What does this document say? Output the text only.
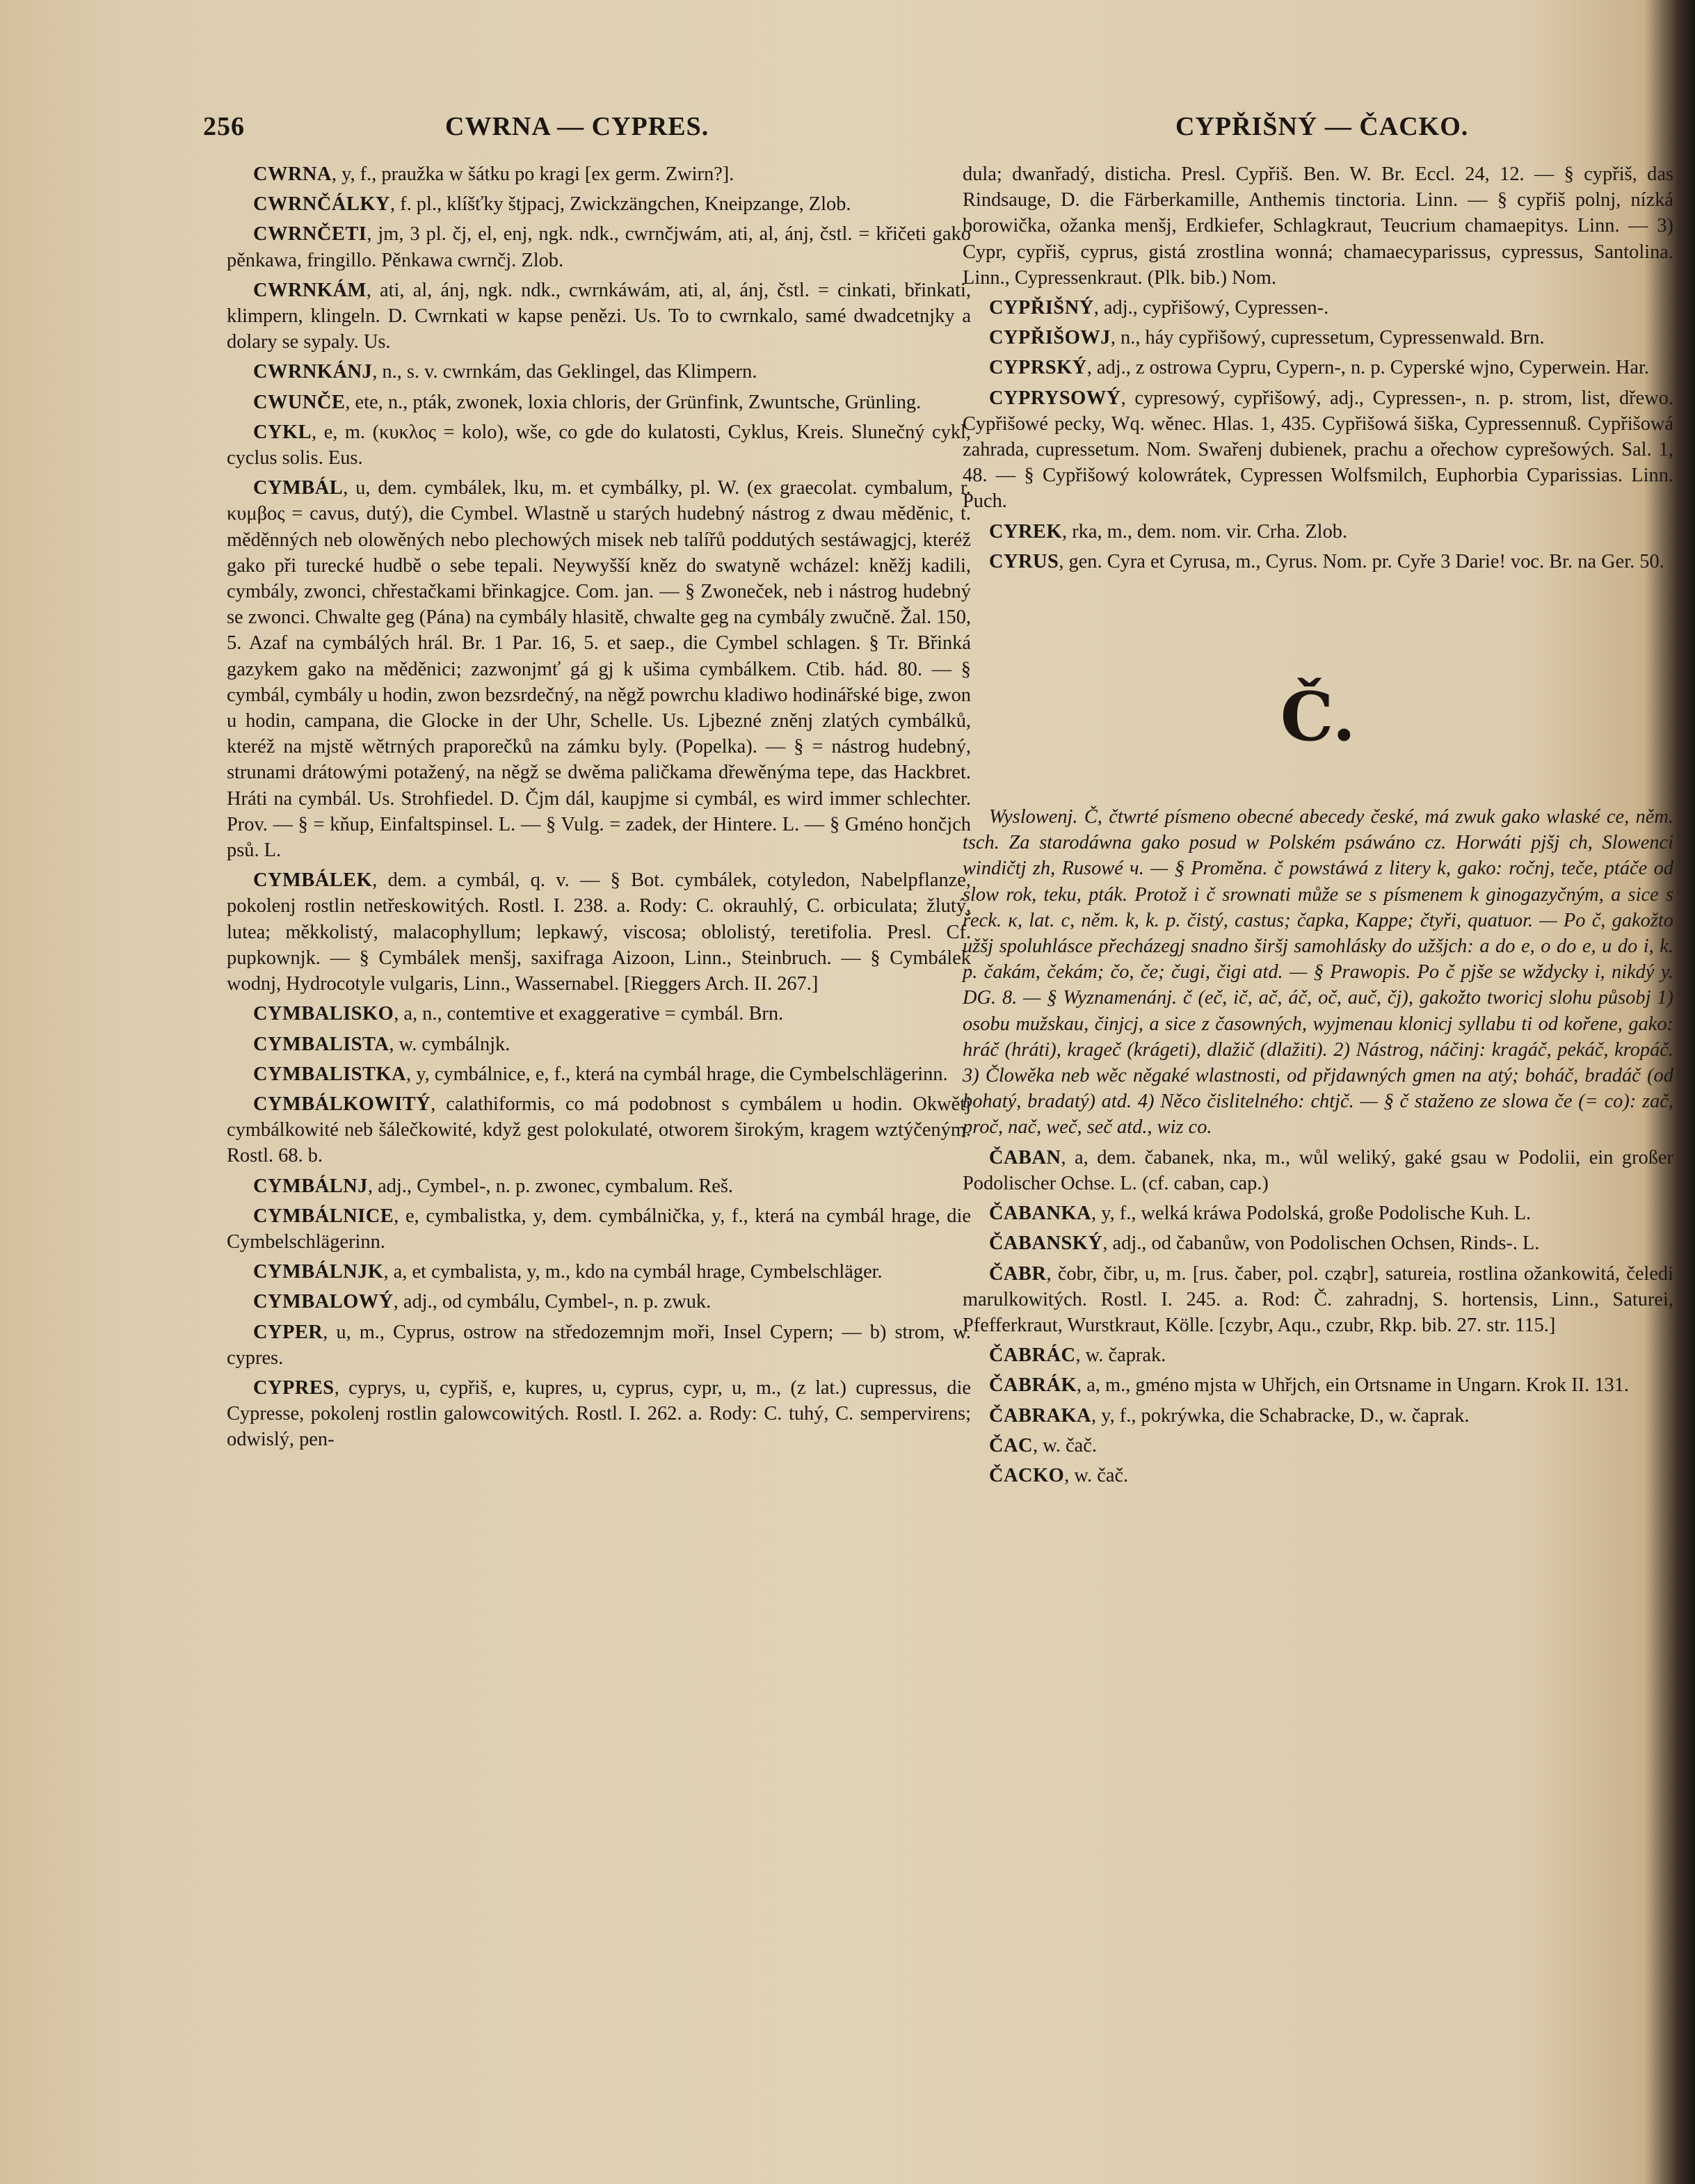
256	CWRNA — CYPRES.	CYPŘIŠNÝ — ČACKO.
CWRNA, y, f., praužka w šátku po kragi [ex germ. Zwirn?].
CWRNČÁLKY, f. pl., klíšťky štjpacj, Zwickzängchen, Kneipzange, Zlob.
CWRNČETI, jm, 3 pl. čj, el, enj, ngk. ndk., cwrnčjwám, ati, al, ánj, čstl. = křičeti gako pěnkawa, fringillo. Pěnkawa cwrnčj. Zlob.
CWRNKÁM, ati, al, ánj, ngk. ndk., cwrnkáwám, ati, al, ánj, čstl. = cinkati, břinkati, klimpern, klingeln. D. Cwrnkati w kapse penězi. Us. To to cwrnkalo, samé dwadcetnjky a dolary se sypaly. Us.
CWRNKÁNJ, n., s. v. cwrnkám, das Geklingel, das Klimpern.
CWUNČE, ete, n., pták, zwonek, loxia chloris, der Grünfink, Zwuntsche, Grünling.
CYKL, e, m. (κυκλος = kolo), wše, co gde do kulatosti, Cyklus, Kreis. Slunečný cykl, cyclus solis. Eus.
CYMBÁL, u, dem. cymbálek, lku, m. et cymbálky, pl. W. (ex graecolat. cymbalum, r. κυμβος = cavus, dutý), die Cymbel. Wlastně u starých hudebný nástrog z dwau měděnic, t. měděnných neb olowěných nebo plechowých misek neb talířů poddutých sestáwagjcj, kteréž gako při turecké hudbě o sebe tepali. Neywyšší kněz do swatyně wcházel: kněžj kadili, cymbály, zwonci, chřestačkami břinkagjce. Com. jan. — § Zwoneček, neb i nástrog hudebný se zwonci. Chwalte geg (Pána) na cymbály hlasitě, chwalte geg na cymbály zwučně. Žal. 150, 5. Azaf na cymbálých hrál. Br. 1 Par. 16, 5. et saep., die Cymbel schlagen. § Tr. Břinká gazykem gako na měděnici; zazwonjmť gá gj k ušima cymbálkem. Ctib. hád. 80. — § cymbál, cymbály u hodin, zwon bezsrdečný, na něgž powrchu kladiwo hodinářské bige, zwon u hodin, campana, die Glocke in der Uhr, Schelle. Us. Ljbezné zněnj zlatých cymbálků, kteréž na mjstě wětrných praporečků na zámku byly. (Popelka). — § = nástrog hudebný, strunami drátowými potažený, na něgž se dwěma paličkama dřewěnýma tepe, das Hackbret. Hráti na cymbál. Us. Strohfiedel. D. Čjm dál, kaupjme si cymbál, es wird immer schlechter. Prov. — § = kňup, Einfaltspinsel. L. — § Vulg. = zadek, der Hintere. L. — § Gméno hončjch psů. L.
CYMBÁLEK, dem. a cymbál, q. v. — § Bot. cymbálek, cotyledon, Nabelpflanze, pokolenj rostlin netřeskowitých. Rostl. I. 238. a. Rody: C. okrauhlý, C. orbiculata; žlutý, lutea; měkkolistý, malacophyllum; lepkawý, viscosa; oblolistý, teretifolia. Presl. Cf. pupkownjk. — § Cymbálek menšj, saxifraga Aizoon, Linn., Steinbruch. — § Cymbálek wodnj, Hydrocotyle vulgaris, Linn., Wassernabel. [Rieggers Arch. II. 267.]
CYMBALISKO, a, n., contemtive et exaggerative = cymbál. Brn.
CYMBALISTA, w. cymbálnjk.
CYMBALISTKA, y, cymbálnice, e, f., která na cymbál hrage, die Cymbelschlägerinn.
CYMBÁLKOWITÝ, calathiformis, co má podobnost s cymbálem u hodin. Okwětj cymbálkowité neb šálečkowité, když gest polokulaté, otworem širokým, kragem wztýčeným. Rostl. 68. b.
CYMBÁLNJ, adj., Cymbel-, n. p. zwonec, cymbalum. Reš.
CYMBÁLNICE, e, cymbalistka, y, dem. cymbálnička, y, f., která na cymbál hrage, die Cymbelschlägerinn.
CYMBÁLNJK, a, et cymbalista, y, m., kdo na cymbál hrage, Cymbelschläger.
CYMBALOWÝ, adj., od cymbálu, Cymbel-, n. p. zwuk.
CYPER, u, m., Cyprus, ostrow na středozemnjm moři, Insel Cypern; — b) strom, w. cypres.
CYPRES, cyprys, u, cypřiš, e, kupres, u, cyprus, cypr, u, m., (z lat.) cupressus, die Cypresse, pokolenj rostlin galowcowitých. Rostl. I. 262. a. Rody: C. tuhý, C. sempervirens; odwislý, pen-
dula; dwanřadý, disticha. Presl. Cypřiš. Ben. W. Br. Eccl. 24, 12. — § cypřiš, das Rindsauge, D. die Färberkamille, Anthemis tinctoria. Linn. — § cypřiš polnj, nízká borowička, ožanka menšj, Erdkiefer, Schlagkraut, Teucrium chamaepitys. Linn. — 3) Cypr, cypřiš, cyprus, gistá zrostlina wonná; chamaecyparissus, cypressus, Santolina. Linn., Cypressenkraut. (Plk. bib.) Nom.
CYPŘIŠNÝ, adj., cypřišowý, Cypressen-.
CYPŘIŠOWJ, n., háy cypřišowý, cupressetum, Cypressenwald. Brn.
CYPRSKÝ, adj., z ostrowa Cypru, Cypern-, n. p. Cyperské wjno, Cyperwein. Har.
CYPRYSOWÝ, cypresowý, cypřišowý, adj., Cypressen-, n. p. strom, list, dřewo. Cypřišowé pecky, Wq. wěnec. Hlas. 1, 435. Cypřišowá šiška, Cypressennuß. Cypřišowá zahrada, cupressetum. Nom. Swařenj dubienek, prachu a ořechow cyprešowých. Sal. 1, 48. — § Cypřišowý kolowrátek, Cypressen Wolfsmilch, Euphorbia Cyparissias. Linn. Puch.
CYREK, rka, m., dem. nom. vir. Crha. Zlob.
CYRUS, gen. Cyra et Cyrusa, m., Cyrus. Nom. pr. Cyře 3 Darie! voc. Br. na Ger. 50.
Č.
Wyslowenj. Č, čtwrté písmeno obecné abecedy české, má zwuk gako wlaské ce, něm. tsch. Za starodáwna gako posud w Polském psáwáno cz. Horwáti pjšj ch, Slowenci windičtj zh, Rusowé ч. — § Proměna. č powstáwá z litery k, gako: ročnj, teče, ptáče od slow rok, teku, pták. Protož i č srownati může se s písmenem k ginogazyčným, a sice s řeck. κ, lat. c, něm. k, k. p. čistý, castus; čapka, Kappe; čtyři, quatuor. — Po č, gakožto užšj spoluhlásce přecházegj snadno širšj samohlásky do užšjch: a do e, o do e, u do i, k. p. čakám, čekám; čo, če; čugi, čigi atd. — § Prawopis. Po č pjše se wždycky i, nikdý y. DG. 8. — § Wyznamenánj. č (eč, ič, ač, áč, oč, auč, čj), gakožto tworicj slohu působj 1) osobu mužskau, činjcj, a sice z časowných, wyjmenau klonicj syllabu ti od kořene, gako: hráč (hráti), krageč (krágeti), dlažič (dlažiti). 2) Nástrog, náčinj: kragáč, pekáč, kropáč. 3) Člowěka neb wěc něgaké wlastnosti, od přjdawných gmen na atý; boháč, bradáč (od bohatý, bradatý) atd. 4) Něco čislitelného: chtjč. — § č staženo ze slowa če (= co): zač, proč, nač, weč, seč atd., wiz co.
ČABAN, a, dem. čabanek, nka, m., wůl weliký, gaké gsau w Podolii, ein großer Podolischer Ochse. L. (cf. caban, cap.)
ČABANKA, y, f., welká kráwa Podolská, große Podolische Kuh. L.
ČABANSKÝ, adj., od čabanůw, von Podolischen Ochsen, Rinds-. L.
ČABR, čobr, čibr, u, m. [rus. čaber, pol. cząbr], satureia, rostlina ožankowitá, čeledi marulkowitých. Rostl. I. 245. a. Rod: Č. zahradnj, S. hortensis, Linn., Saturei, Pfefferkraut, Wurstkraut, Kölle. [czybr, Aqu., czubr, Rkp. bib. 27. str. 115.]
ČABRÁC, w. čaprak.
ČABRÁK, a, m., gméno mjsta w Uhřjch, ein Ortsname in Ungarn. Krok II. 131.
ČABRAKA, y, f., pokrýwka, die Schabracke, D., w. čaprak.
ČAC, w. čač.
ČACKO, w. čač.
